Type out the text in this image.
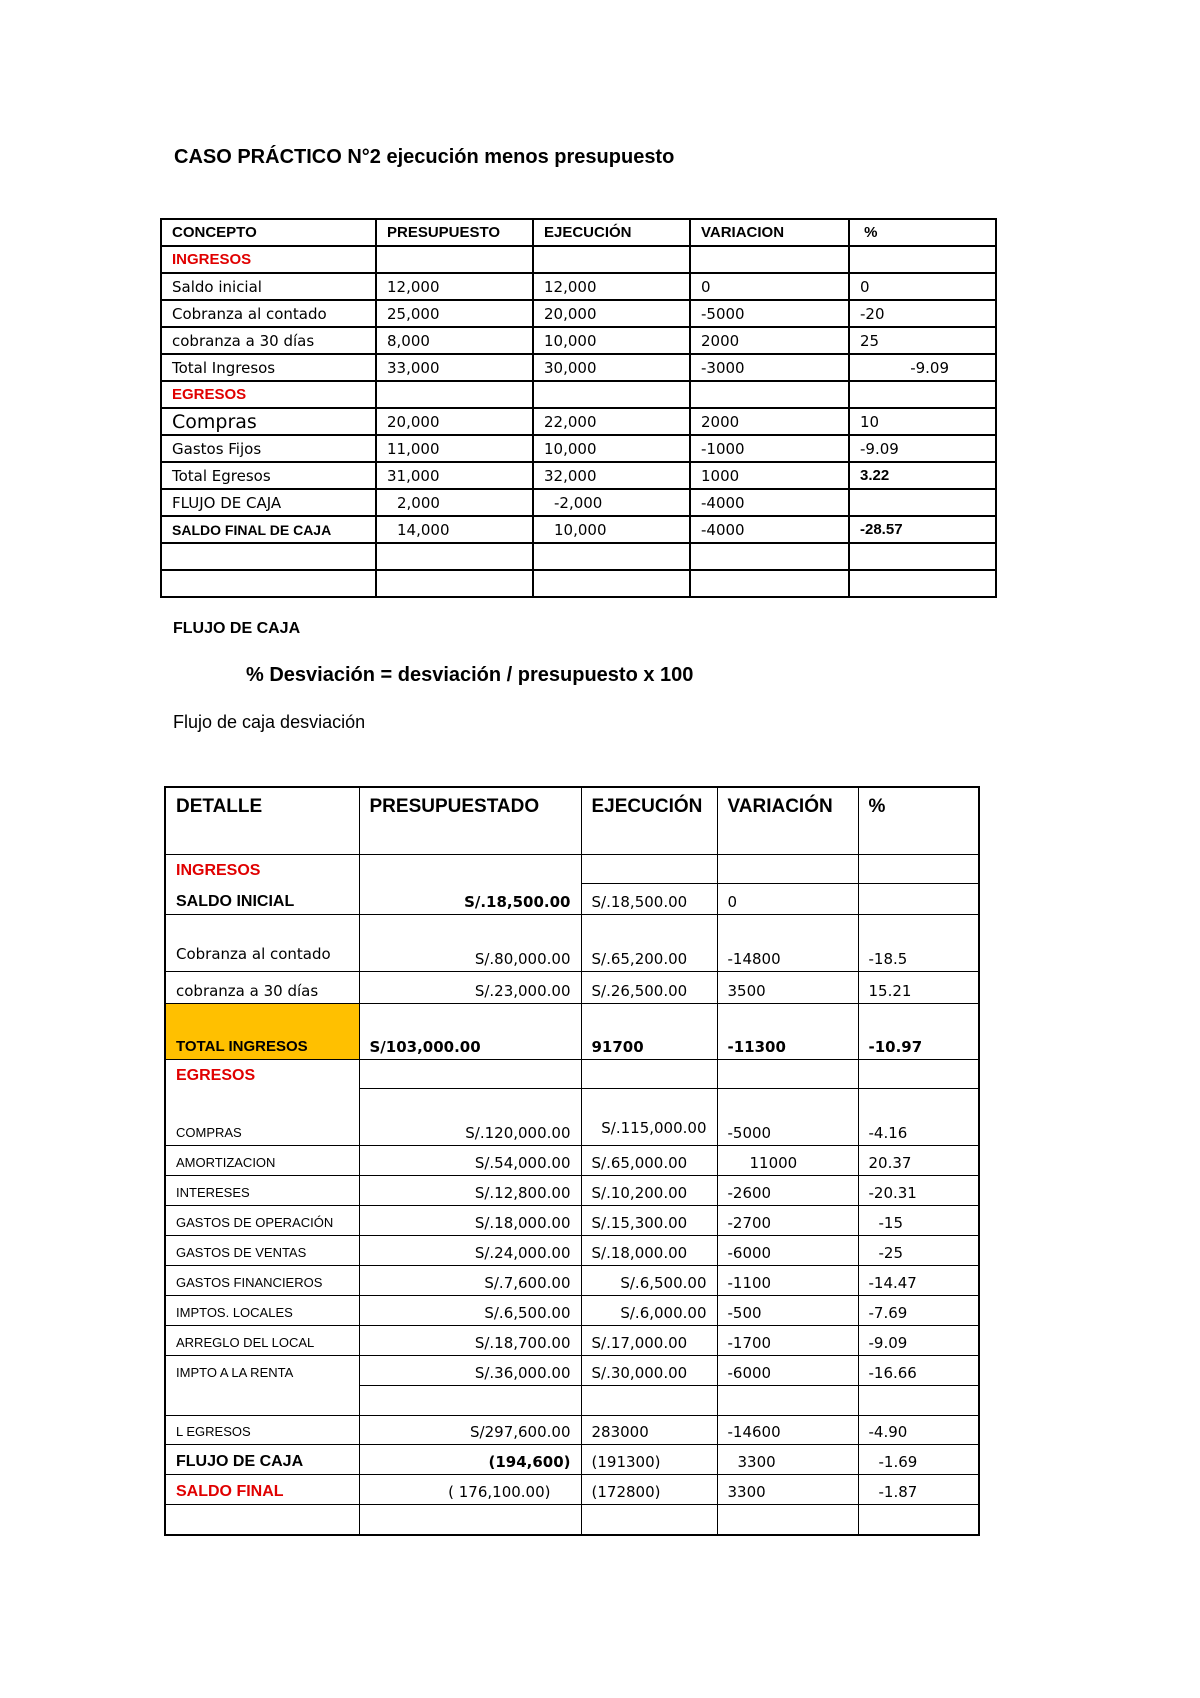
CASO PRÁCTICO N°2 ejecución menos presupuesto
CONCEPTO	PRESUPUESTO	EJECUCIÓN	VARIACION	%
INGRESOS				
Saldo inicial	12,000	12,000	0	0
Cobranza al contado	25,000	20,000	-5000	-20
cobranza a 30 días	8,000	10,000	2000	25
Total Ingresos	33,000	30,000	-3000	-9.09
EGRESOS				
Compras	20,000	22,000	2000	10
Gastos Fijos	11,000	10,000	-1000	-9.09
Total Egresos	31,000	32,000	1000	3.22
FLUJO DE CAJA	2,000	-2,000	-4000	
SALDO FINAL DE CAJA	14,000	10,000	-4000	-28.57

FLUJO DE CAJA
% Desviación = desviación / presupuesto x 100
Flujo de caja desviación
DETALLE	PRESUPUESTADO	EJECUCIÓN	VARIACIÓN	%
INGRESOS				
SALDO INICIAL	S/.18,500.00	S/.18,500.00	0	
Cobranza al contado	S/.80,000.00	S/.65,200.00	-14800	-18.5
cobranza a 30 días	S/.23,000.00	S/.26,500.00	3500	15.21
TOTAL INGRESOS	S/103,000.00	91700	-11300	-10.97
EGRESOS				
COMPRAS	S/.120,000.00	S/.115,000.00	-5000	-4.16
AMORTIZACION	S/.54,000.00	S/.65,000.00	11000	20.37
INTERESES	S/.12,800.00	S/.10,200.00	-2600	-20.31
GASTOS DE OPERACIÓN	S/.18,000.00	S/.15,300.00	-2700	-15
GASTOS DE VENTAS	S/.24,000.00	S/.18,000.00	-6000	-25
GASTOS FINANCIEROS	S/.7,600.00	S/.6,500.00	-1100	-14.47
IMPTOS. LOCALES	S/.6,500.00	S/.6,000.00	-500	-7.69
ARREGLO DEL LOCAL	S/.18,700.00	S/.17,000.00	-1700	-9.09
IMPTO A LA RENTA	S/.36,000.00	S/.30,000.00	-6000	-16.66

L EGRESOS	S/297,600.00	283000	-14600	-4.90
FLUJO DE CAJA	(194,600)	(191300)	3300	-1.69
SALDO FINAL	( 176,100.00)	(172800)	3300	-1.87
